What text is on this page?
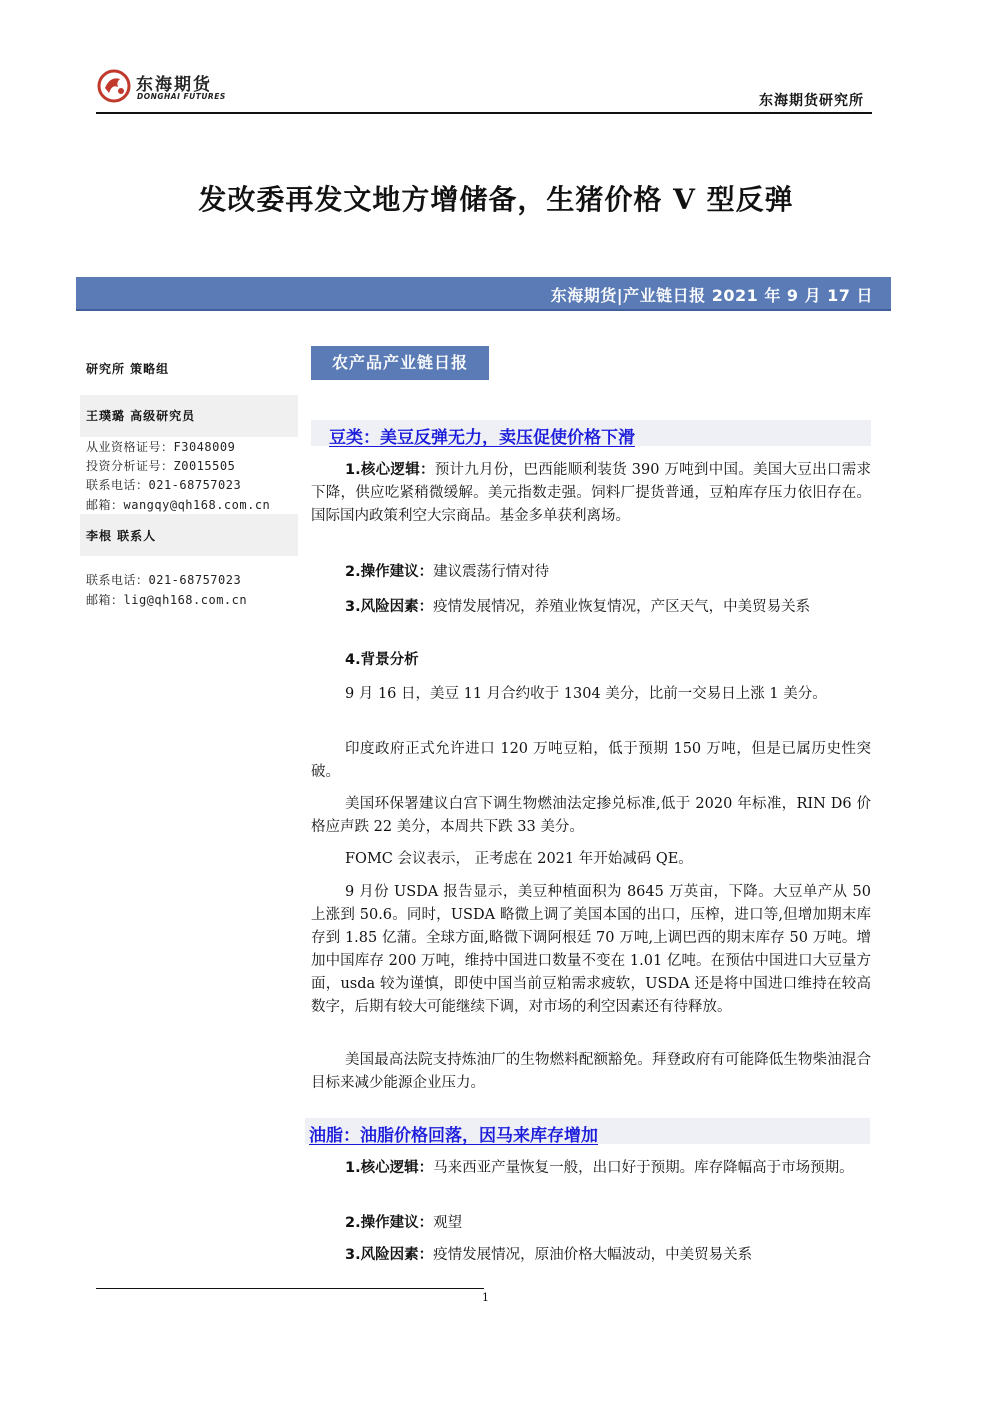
东海期货
DONGHAI FUTURES	东海期货研究所
发改委再发文地方增储备，生猪价格 V 型反弹
东海期货|产业链日报 2021 年 9 月 17 日
研究所 策略组
王璞璐 高级研究员
从业资格证号：F3048009
投资分析证号：Z0015505
联系电话：021-68757023
邮箱：wangqy@qh168.com.cn
李根 联系人
联系电话：021-68757023
邮箱：lig@qh168.com.cn
农产品产业链日报
豆类：美豆反弹无力，卖压促使价格下滑
1.核心逻辑：预计九月份，巴西能顺利装货 390 万吨到中国。美国大豆出口需求下降，供应吃紧稍微缓解。美元指数走强。饲料厂提货普通，豆粕库存压力依旧存在。国际国内政策利空大宗商品。基金多单获利离场。
2.操作建议：建议震荡行情对待
3.风险因素：疫情发展情况，养殖业恢复情况，产区天气，中美贸易关系
4.背景分析
9 月 16 日，美豆 11 月合约收于 1304 美分，比前一交易日上涨 1 美分。
印度政府正式允许进口 120 万吨豆粕，低于预期 150 万吨，但是已属历史性突破。
美国环保署建议白宫下调生物燃油法定掺兑标准,低于 2020 年标准，RIN D6 价格应声跌 22 美分，本周共下跌 33 美分。
FOMC 会议表示， 正考虑在 2021 年开始减码 QE。
9 月份 USDA 报告显示，美豆种植面积为 8645 万英亩，下降。大豆单产从 50 上涨到 50.6。同时，USDA 略微上调了美国本国的出口，压榨，进口等,但增加期末库存到 1.85 亿蒲。全球方面,略微下调阿根廷 70 万吨,上调巴西的期末库存 50 万吨。增加中国库存 200 万吨，维持中国进口数量不变在 1.01 亿吨。在预估中国进口大豆量方面，usda 较为谨慎，即使中国当前豆粕需求疲软，USDA 还是将中国进口维持在较高数字，后期有较大可能继续下调，对市场的利空因素还有待释放。
美国最高法院支持炼油厂的生物燃料配额豁免。拜登政府有可能降低生物柴油混合目标来减少能源企业压力。
油脂：油脂价格回落，因马来库存增加
1.核心逻辑：马来西亚产量恢复一般，出口好于预期。库存降幅高于市场预期。
2.操作建议：观望
3.风险因素：疫情发展情况，原油价格大幅波动，中美贸易关系
1
